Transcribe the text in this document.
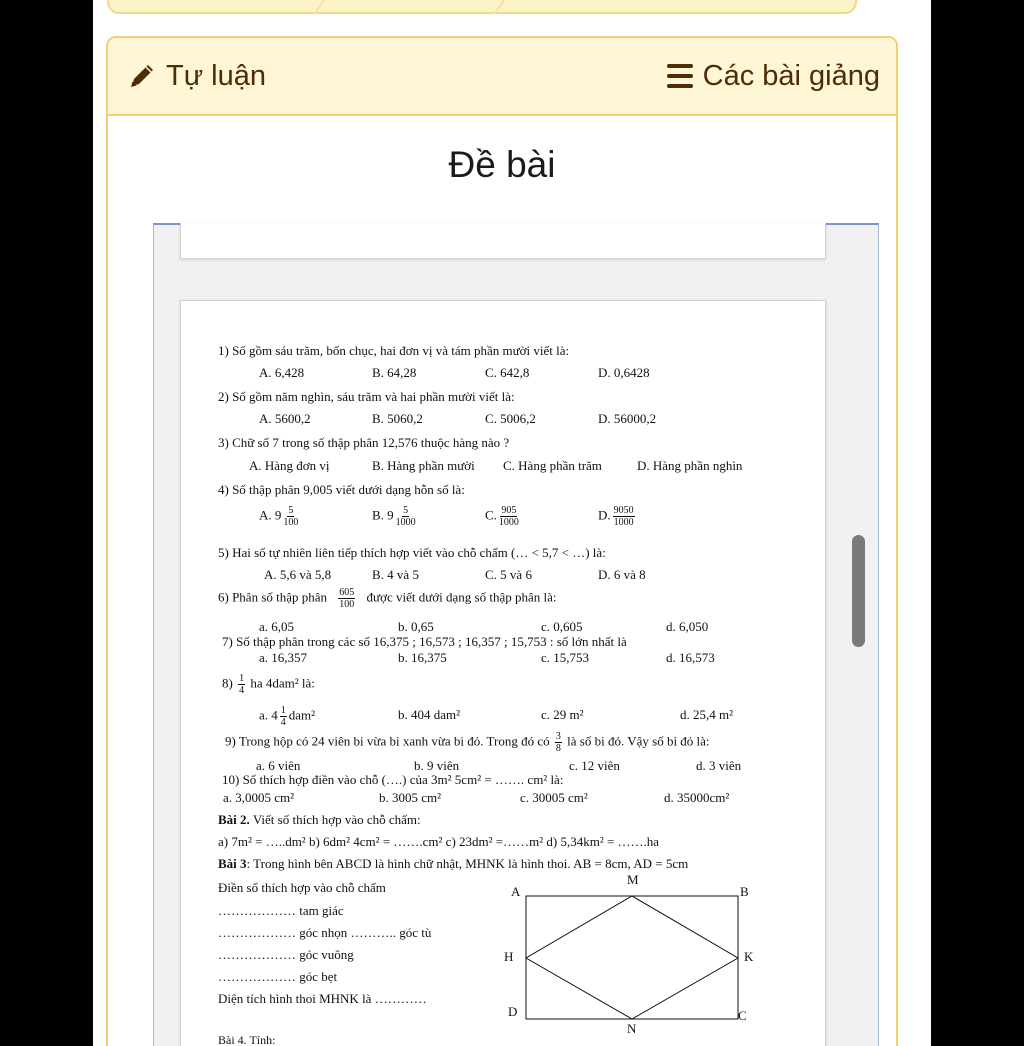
Tự luận	Các bài giảng
Đề bài
1) Số gồm sáu trăm, bốn chục, hai đơn vị và tám phần mười viết là:
A. 6,428	B. 64,28	C. 642,8	D. 0,6428
2) Số gồm năm nghìn, sáu trăm và hai phần mười viết là:
A. 5600,2	B. 5060,2	C. 5006,2	D. 56000,2
3) Chữ số 7 trong số thập phân 12,576 thuộc hàng nào ?
A. Hàng đơn vị	B. Hàng phần mười C. Hàng phần trăm	D. Hàng phần nghìn
4) Số thập phân 9,005 viết dưới dạng hỗn số là:
A. $9 \frac{5}{100}$	B. $9 \frac{5}{1000}$	C. $\frac{905}{1000}$	D. $\frac{9050}{1000}$
5) Hai số tự nhiên liên tiếp thích hợp viết vào chỗ chấm (… < 5,7 < …) là:
A. 5,6 và 5,8	B. 4 và 5	C. 5 và 6	D. 6 và 8
6) Phân số thập phân $\frac{605}{100}$ được viết dưới dạng số thập phân là:
a. 6,05	b. 0,65	c. 0,605	d. 6,050
7) Số thập phân trong các số 16,375 ; 16,573 ; 16,357 ; 15,753 : số lớn nhất là
a. 16,357	b. 16,375	c. 15,753	d. 16,573
$8) \frac{1}{4}$ ha 4dam² là:
a. $4 \frac{1}{4} dam^2$	b. 404 dam²	c. 29 m²	d. 25,4 m²
9) Trong hộp có 24 viên bi vừa bi xanh vừa bi đỏ. Trong đó có $\frac{3}{8}$ là số bi đỏ. Vậy số bi đỏ là:
a. 6 viên	b. 9 viên	c. 12 viên	d. 3 viên
10) Số thích hợp điền vào chỗ (….) của 3m² 5cm² = ……. cm² là:
a. 3,0005 cm²	b. 3005 cm²	c. 30005 cm²	d. 35000cm²
Bài 2. Viết số thích hợp vào chỗ chấm:
a) 7m² = …..dm² b) 6dm² 4cm² = …….cm² c) 23dm² =……m² d) 5,34km² = …….ha
Bài 3: Trong hình bên ABCD là hình chữ nhật, MHNK là hình thoi. AB = 8cm, AD = 5cm
Điền số thích hợp vào chỗ chấm
……………… tam giác
……………… góc nhọn ……….. góc tù
……………… góc vuông
……………… góc bẹt
Diện tích hình thoi MHNK là …………
A	B
C
D
M
N
H	K
Bài 4. Tính:
